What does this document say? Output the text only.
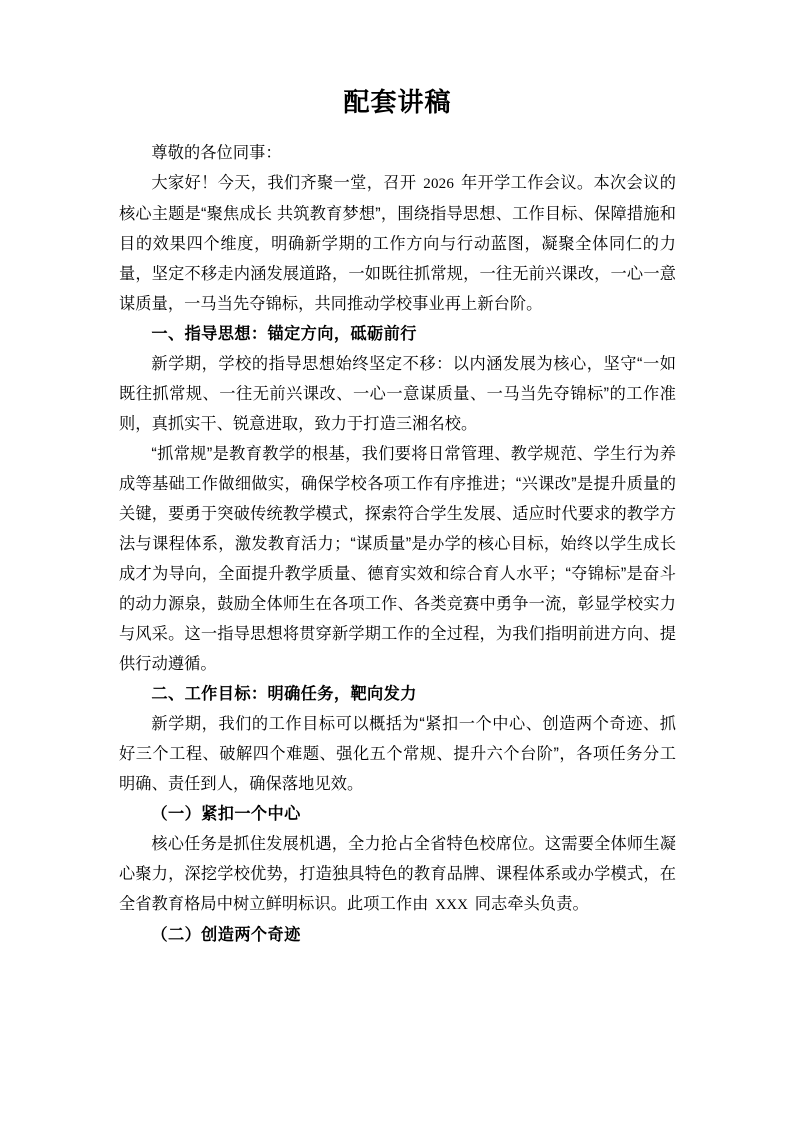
配套讲稿

尊敬的各位同事：

大家好！今天，我们齐聚一堂，召开 2026 年开学工作会议。本次会议的核心主题是“聚焦成长 共筑教育梦想”，围绕指导思想、工作目标、保障措施和目的效果四个维度，明确新学期的工作方向与行动蓝图，凝聚全体同仁的力量，坚定不移走内涵发展道路，一如既往抓常规，一往无前兴课改，一心一意谋质量，一马当先夺锦标，共同推动学校事业再上新台阶。

一、指导思想：锚定方向，砥砺前行

新学期，学校的指导思想始终坚定不移：以内涵发展为核心，坚守“一如既往抓常规、一往无前兴课改、一心一意谋质量、一马当先夺锦标”的工作准则，真抓实干、锐意进取，致力于打造三湘名校。

“抓常规”是教育教学的根基，我们要将日常管理、教学规范、学生行为养成等基础工作做细做实，确保学校各项工作有序推进；“兴课改”是提升质量的关键，要勇于突破传统教学模式，探索符合学生发展、适应时代要求的教学方法与课程体系，激发教育活力；“谋质量”是办学的核心目标，始终以学生成长成才为导向，全面提升教学质量、德育实效和综合育人水平；“夺锦标”是奋斗的动力源泉，鼓励全体师生在各项工作、各类竞赛中勇争一流，彰显学校实力与风采。这一指导思想将贯穿新学期工作的全过程，为我们指明前进方向、提供行动遵循。

二、工作目标：明确任务，靶向发力

新学期，我们的工作目标可以概括为“紧扣一个中心、创造两个奇迹、抓好三个工程、破解四个难题、强化五个常规、提升六个台阶”，各项任务分工明确、责任到人，确保落地见效。

（一）紧扣一个中心

核心任务是抓住发展机遇，全力抢占全省特色校席位。这需要全体师生凝心聚力，深挖学校优势，打造独具特色的教育品牌、课程体系或办学模式，在全省教育格局中树立鲜明标识。此项工作由 XXX 同志牵头负责。

（二）创造两个奇迹
